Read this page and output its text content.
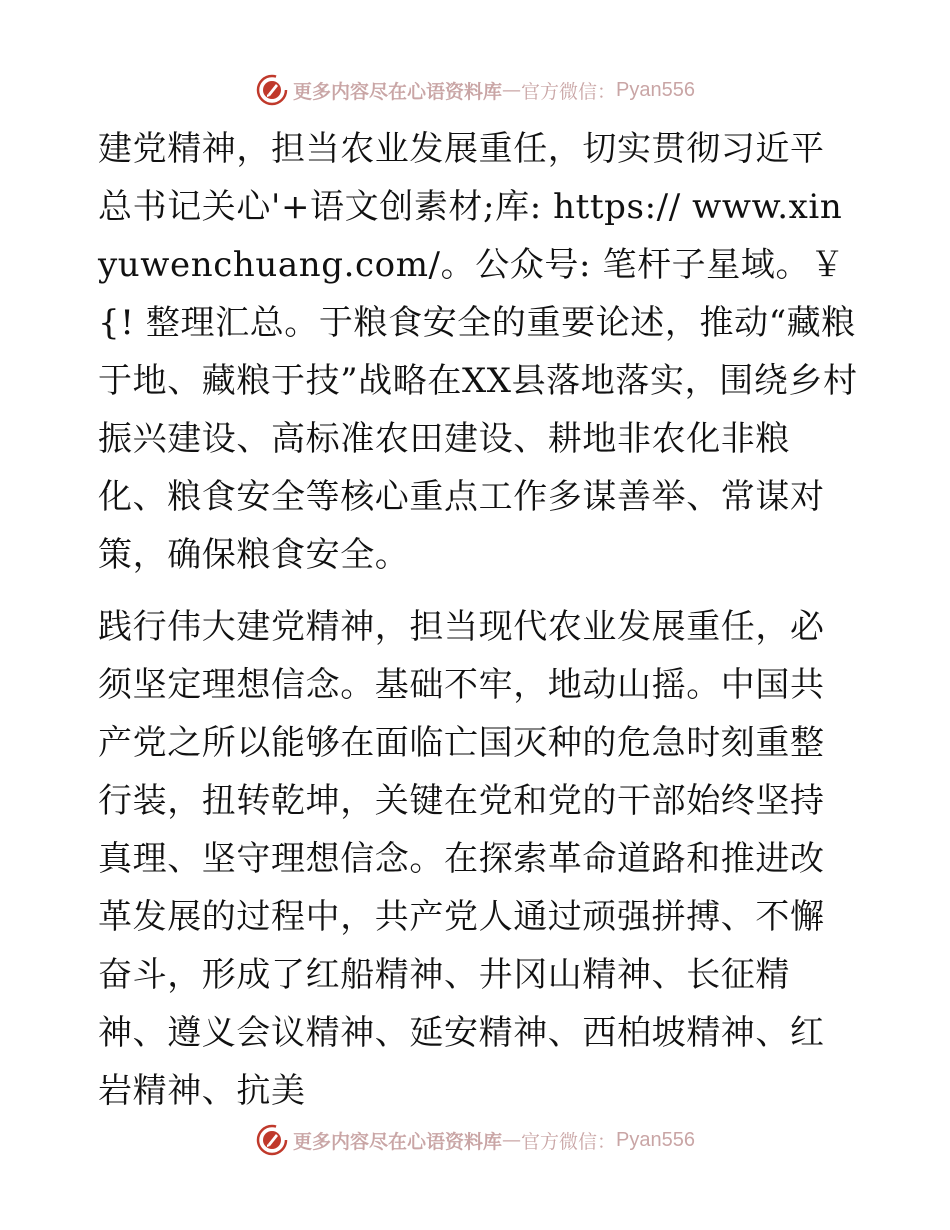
更多内容尽在心语资料库 — 官方微信： Pyan556

建党精神，担当农业发展重任，切实贯彻习近平总书记关心'+语文创素材;库: https:// www.xinyuwenchuang.com/。公众号: 笔杆子星域。￥{! 整理汇总。于粮食安全的重要论述，推动“藏粮于地、藏粮于技”战略在XX县落地落实，围绕乡村振兴建设、高标准农田建设、耕地非农化非粮化、粮食安全等核心重点工作多谋善举、常谋对策，确保粮食安全。

践行伟大建党精神，担当现代农业发展重任，必须坚定理想信念。基础不牢，地动山摇。中国共产党之所以能够在面临亡国灭种的危急时刻重整行装，扭转乾坤，关键在党和党的干部始终坚持真理、坚守理想信念。在探索革命道路和推进改革发展的过程中，共产党人通过顽强拼搏、不懈奋斗，形成了红船精神、井冈山精神、长征精神、遵义会议精神、延安精神、西柏坡精神、红岩精神、抗美

更多内容尽在心语资料库 — 官方微信： Pyan556
